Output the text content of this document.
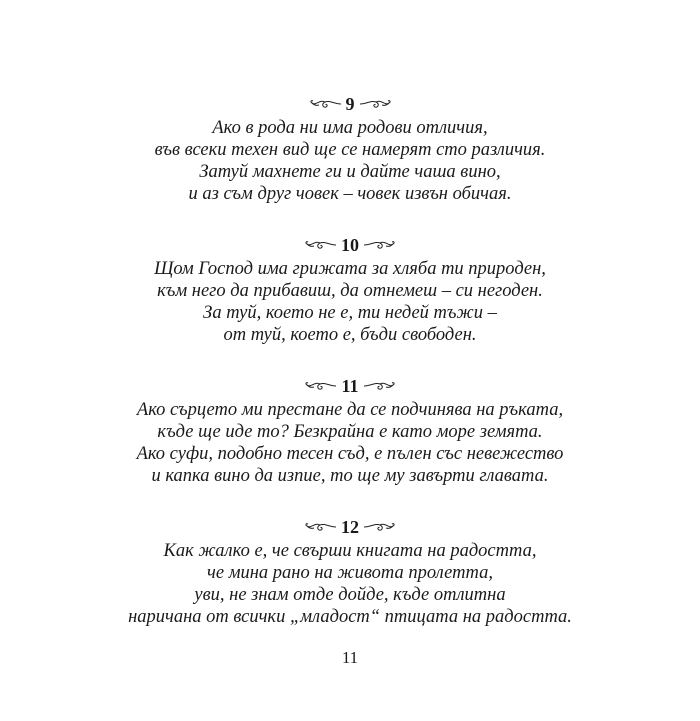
9
Ако в рода ни има родови отличия,
във всеки техен вид ще се намерят сто различия.
Затуй махнете ги и дайте чаша вино,
и аз съм друг човек – човек извън обичая.
10
Щом Господ има грижата за хляба ти природен,
към него да прибавиш, да отнемеш – си негоден.
За туй, което не е, ти недей тъжи –
от туй, което е, бъди свободен.
11
Ако сърцето ми престане да се подчинява на ръката,
къде ще иде то? Безкрайна е като море земята.
Ако суфи, подобно тесен съд, е пълен със невежество
и капка вино да изпие, то ще му завърти главата.
12
Как жалко е, че свърши книгата на радостта,
че мина рано на живота пролетта,
уви, не знам отде дойде, къде отлитна
наричана от всички „младост“ птицата на радостта.
11
